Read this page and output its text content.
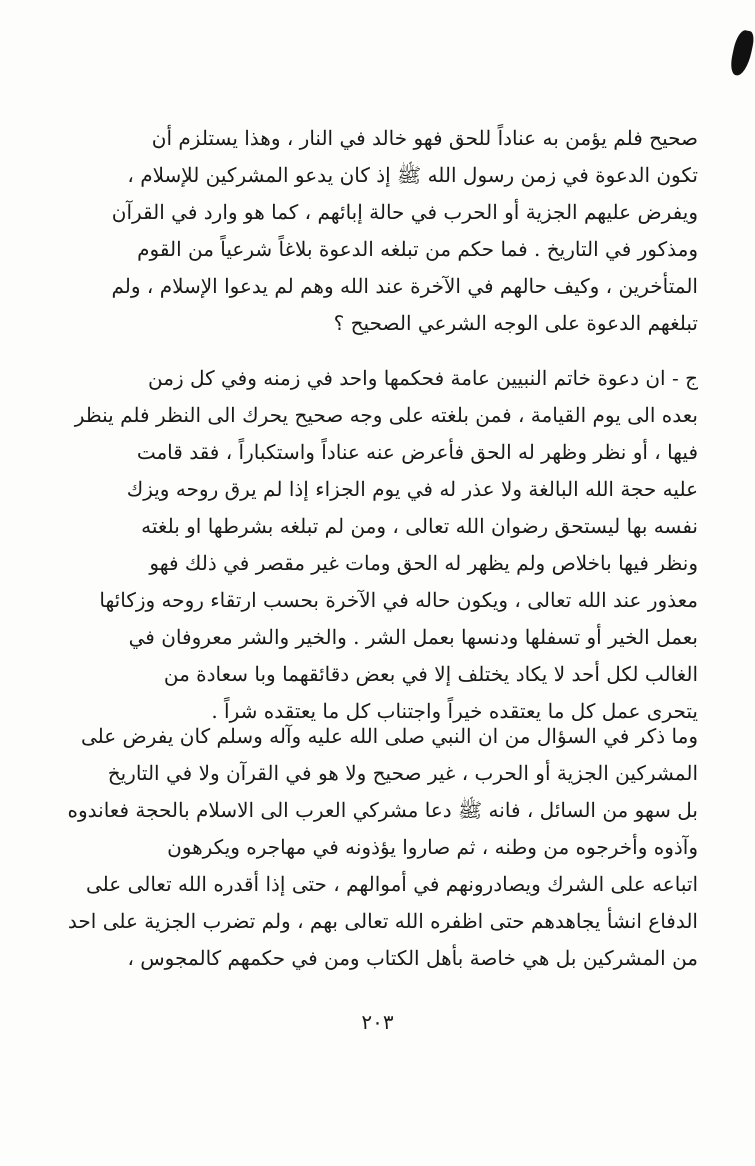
صحيح فلم يؤمن به عناداً للحق فهو خالد في النار ، وهذا يستلزم أن
تكون الدعوة في زمن رسول الله ﷺ إذ كان يدعو المشركين للإسلام ،
ويفرض عليهم الجزية أو الحرب في حالة إبائهم ، كما هو وارد في القرآن
ومذكور في التاريخ . فما حكم من تبلغه الدعوة بلاغاً شرعياً من القوم
المتأخرين ، وكيف حالهم في الآخرة عند الله وهم لم يدعوا الإسلام ، ولم
تبلغهم الدعوة على الوجه الشرعي الصحيح ؟
ج - ان دعوة خاتم النبيين عامة فحكمها واحد في زمنه وفي كل زمن
بعده الى يوم القيامة ، فمن بلغته على وجه صحيح يحرك الى النظر فلم ينظر
فيها ، أو نظر وظهر له الحق فأعرض عنه عناداً واستكباراً ، فقد قامت
عليه حجة الله البالغة ولا عذر له في يوم الجزاء إذا لم يرق روحه ويزك
نفسه بها ليستحق رضوان الله تعالى ، ومن لم تبلغه بشرطها او بلغته
ونظر فيها باخلاص ولم يظهر له الحق ومات غير مقصر في ذلك فهو
معذور عند الله تعالى ، ويكون حاله في الآخرة بحسب ارتقاء روحه وزكائها
بعمل الخير أو تسفلها ودنسها بعمل الشر . والخير والشر معروفان في
الغالب لكل أحد لا يكاد يختلف إلا في بعض دقائقهما وبا سعادة من
يتحرى عمل كل ما يعتقده خيراً واجتناب كل ما يعتقده شراً .
وما ذكر في السؤال من ان النبي صلى الله عليه وآله وسلم كان يفرض على
المشركين الجزية أو الحرب ، غير صحيح ولا هو في القرآن ولا في التاريخ
بل سهو من السائل ، فانه ﷺ دعا مشركي العرب الى الاسلام بالحجة فعاندوه
وآذوه وأخرجوه من وطنه ، ثم صاروا يؤذونه في مهاجره ويكرهون
اتباعه على الشرك ويصادرونهم في أموالهم ، حتى إذا أقدره الله تعالى على
الدفاع انشأ يجاهدهم حتى اظفره الله تعالى بهم ، ولم تضرب الجزية على احد
من المشركين بل هي خاصة بأهل الكتاب ومن في حكمهم كالمجوس ،
٢٠٣
